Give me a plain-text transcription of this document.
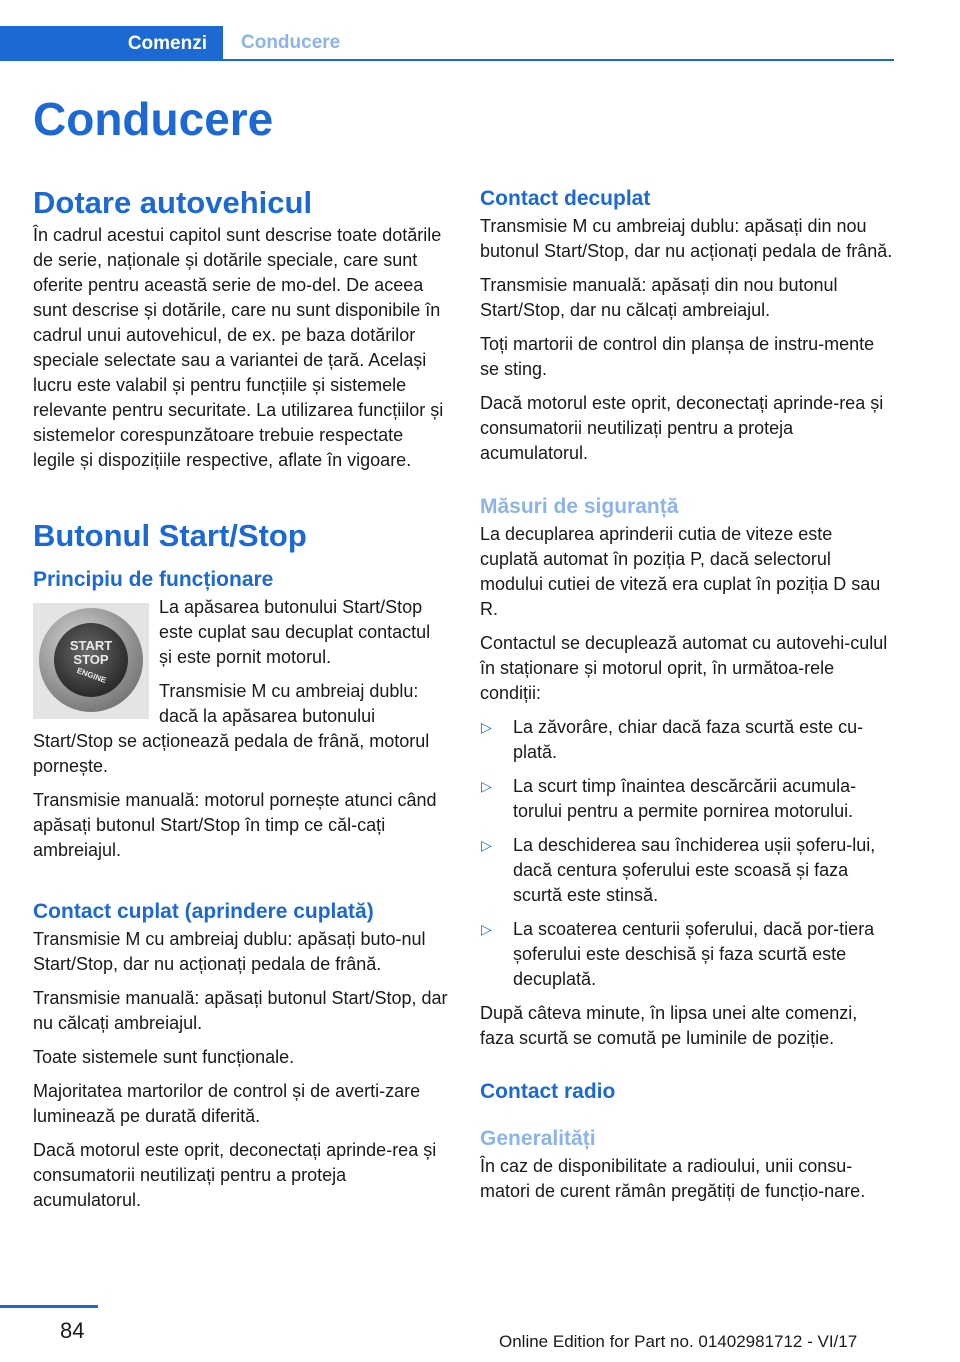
Comenzi Conducere
Conducere
Dotare autovehicul
În cadrul acestui capitol sunt descrise toate dotările de serie, naționale și dotările speciale, care sunt oferite pentru această serie de mo‐del. De aceea sunt descrise și dotările, care nu sunt disponibile în cadrul unui autovehicul, de ex. pe baza dotărilor speciale selectate sau a variantei de țară. Același lucru este valabil și pentru funcțiile și sistemele relevante pentru securitate. La utilizarea funcțiilor și sistemelor corespunzătoare trebuie respectate legile și dispozițiile respective, aflate în vigoare.
Butonul Start/Stop
Principiu de funcționare
START
STOP
ENGINE
La apăsarea butonului Start/Stop este cuplat sau decuplat contactul și este pornit motorul.
Transmisie M cu ambreiaj dublu: dacă la apăsarea butonului Start/Stop se acționează pedala de frână, motorul pornește.
Transmisie manuală: motorul pornește atunci când apăsați butonul Start/Stop în timp ce căl‐cați ambreiajul.
Contact cuplat (aprindere cuplată)
Transmisie M cu ambreiaj dublu: apăsați buto‐nul Start/Stop, dar nu acționați pedala de frână.
Transmisie manuală: apăsați butonul Start/Stop, dar nu călcați ambreiajul.
Toate sistemele sunt funcționale.
Majoritatea martorilor de control și de averti‐zare luminează pe durată diferită.
Dacă motorul este oprit, deconectați aprinde‐rea și consumatorii neutilizați pentru a proteja acumulatorul.
Contact decuplat
Transmisie M cu ambreiaj dublu: apăsați din nou butonul Start/Stop, dar nu acționați pedala de frână.
Transmisie manuală: apăsați din nou butonul Start/Stop, dar nu călcați ambreiajul.
Toți martorii de control din planșa de instru‐mente se sting.
Dacă motorul este oprit, deconectați aprinde‐rea și consumatorii neutilizați pentru a proteja acumulatorul.
Măsuri de siguranță
La decuplarea aprinderii cutia de viteze este cuplată automat în poziția P, dacă selectorul modului cutiei de viteză era cuplat în poziția D sau R.
Contactul se decuplează automat cu autovehi‐culul în staționare și motorul oprit, în următoa‐rele condiții:
▷ La zăvorâre, chiar dacă faza scurtă este cu‐plată.
▷ La scurt timp înaintea descărcării acumula‐torului pentru a permite pornirea motorului.
▷ La deschiderea sau închiderea ușii șoferu‐lui, dacă centura șoferului este scoasă și faza scurtă este stinsă.
▷ La scoaterea centurii șoferului, dacă por‐tiera șoferului este deschisă și faza scurtă este decuplată.
După câteva minute, în lipsa unei alte comenzi, faza scurtă se comută pe luminile de poziție.
Contact radio
Generalități
În caz de disponibilitate a radioului, unii consu‐matori de curent rămân pregătiți de funcțio‐nare.
84	Online Edition for Part no. 01402981712 - VI/17
